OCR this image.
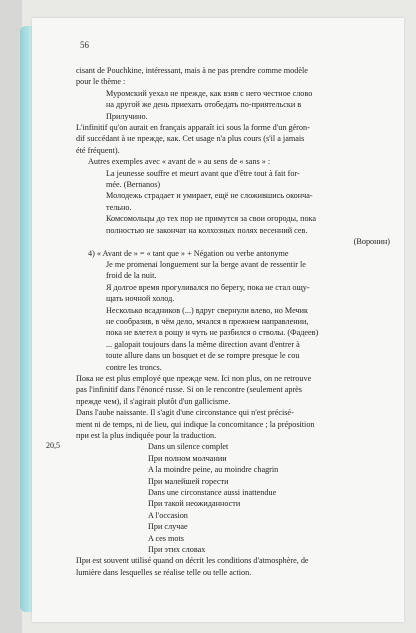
56
20,5
cisant de Pouchkine, intéressant, mais à ne pas prendre comme modèle
pour le thème :
Муромский уехал не прежде, как взяв с него честное слово
на другой же день приехать отобедать по-приятельски в
Прилучино.
L'infinitif qu'on aurait en français apparaît ici sous la forme d'un géron-
dif succédant à не прежде, как. Cet usage n'a plus cours (s'il a jamais
été fréquent).
Autres exemples avec « avant de » au sens de « sans » :
La jeunesse souffre et meurt avant que d'être tout à fait for-
mée. (Bernanos)
Молодежь страдает и умирает, ещё не сложившись оконча-
тельно.
Комсомольцы до тех пор не примутся за свои огороды, пока
полностью не закончат на колхозных полях весенний сев.
(Воронин)
4) « Avant de » = « tant que » + Négation ou verbe antonyme
Je me promenai longuement sur la berge avant de ressentir le
froid de la nuit.
Я долгое время прогуливался по берегу, пока не стал ощу-
щать ночной холод.
Несколько всадников (...) вдруг свернули влево, но Мечик
не сообразив, в чём дело, мчался в прежнем направлении,
пока не влетел в рощу и чуть не разбился о стволы. (Фадеев)
... galopait toujours dans la même direction avant d'entrer à
toute allure dans un bosquet et de se rompre presque le cou
contre les troncs.
Пока не est plus employé que прежде чем. Ici non plus, on ne retrouve
pas l'infinitif dans l'énoncé russe. Si on le rencontre (seulement après
прежде чем), il s'agirait plutôt d'un gallicisme.
Dans l'aube naissante. Il s'agit d'une circonstance qui n'est précisé-
ment ni de temps, ni de lieu, qui indique la concomitance ; la préposition
при est la plus indiquée pour la traduction.
Dans un silence complet
При полном молчании
A la moindre peine, au moindre chagrin
При малейшей горести
Dans une circonstance aussi inattendue
При такой неожиданности
A l'occasion
При случае
A ces mots
При этих словах
При est souvent utilisé quand on décrit les conditions d'atmosphère, de
lumière dans lesquelles se réalise telle ou telle action.
